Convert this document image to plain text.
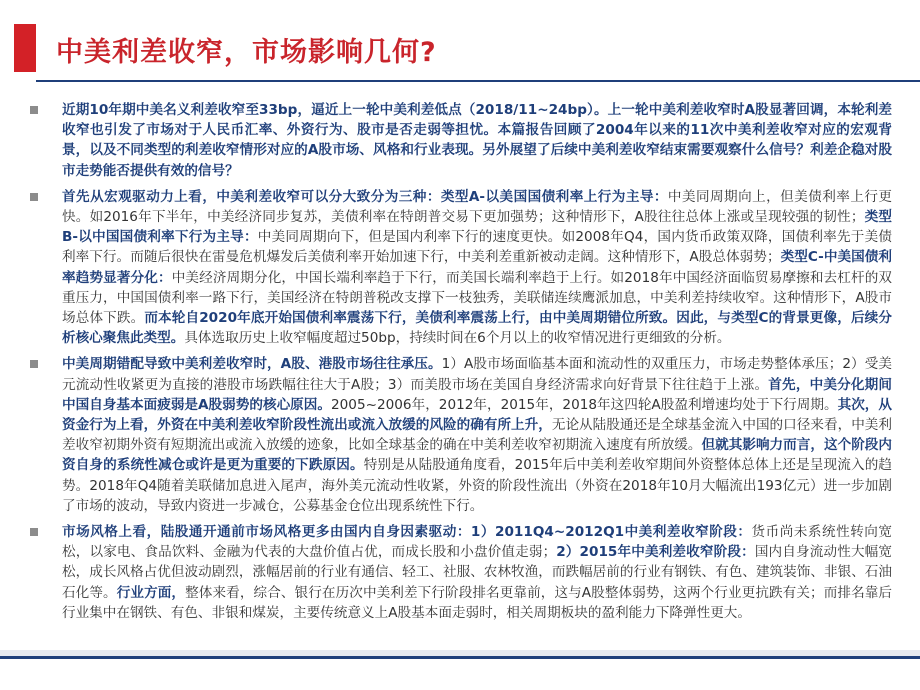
中美利差收窄，市场影响几何?
近期10年期中美名义利差收窄至33bp，逼近上一轮中美利差低点（2018/11~24bp）。上一轮中美利差收窄时A股显著回调，本轮利差收窄也引发了市场对于人民币汇率、外资行为、股市是否走弱等担忧。本篇报告回顾了2004年以来的11次中美利差收窄对应的宏观背景，以及不同类型的利差收窄情形对应的A股市场、风格和行业表现。另外展望了后续中美利差收窄结束需要观察什么信号？利差企稳对股市走势能否提供有效的信号？
首先从宏观驱动力上看，中美利差收窄可以分大致分为三种：类型A-以美国国债利率上行为主导：中美同周期向上，但美债利率上行更快。如2016年下半年，中美经济同步复苏，美债利率在特朗普交易下更加强势；这种情形下，A股往往总体上涨或呈现较强的韧性；类型B-以中国国债利率下行为主导：中美同周期向下，但是国内利率下行的速度更快。如2008年Q4，国内货币政策双降，国债利率先于美债利率下行。而随后很快在雷曼危机爆发后美债利率开始加速下行，中美利差重新被动走阔。这种情形下，A股总体弱势；类型C-中美国债利率趋势显著分化：中美经济周期分化，中国长端利率趋于下行，而美国长端利率趋于上行。如2018年中国经济面临贸易摩擦和去杠杆的双重压力，中国国债利率一路下行，美国经济在特朗普税改支撑下一枝独秀，美联储连续鹰派加息，中美利差持续收窄。这种情形下，A股市场总体下跌。而本轮自2020年底开始国债利率震荡下行，美债利率震荡上行，由中美周期错位所致。因此，与类型C的背景更像，后续分析核心聚焦此类型。具体选取历史上收窄幅度超过50bp，持续时间在6个月以上的收窄情况进行更细致的分析。
中美周期错配导致中美利差收窄时，A股、港股市场往往承压。1）A股市场面临基本面和流动性的双重压力，市场走势整体承压；2）受美元流动性收紧更为直接的港股市场跌幅往往大于A股；3）而美股市场在美国自身经济需求向好背景下往往趋于上涨。首先，中美分化期间中国自身基本面疲弱是A股弱势的核心原因。2005~2006年，2012年，2015年，2018年这四轮A股盈利增速均处于下行周期。其次，从资金行为上看，外资在中美利差收窄阶段性流出或流入放缓的风险的确有所上升，无论从陆股通还是全球基金流入中国的口径来看，中美利差收窄初期外资有短期流出或流入放缓的迹象，比如全球基金的确在中美利差收窄初期流入速度有所放缓。但就其影响力而言，这个阶段内资自身的系统性减仓或许是更为重要的下跌原因。特别是从陆股通角度看，2015年后中美利差收窄期间外资整体总体上还是呈现流入的趋势。2018年Q4随着美联储加息进入尾声，海外美元流动性收紧，外资的阶段性流出（外资在2018年10月大幅流出193亿元）进一步加剧了市场的波动，导致内资进一步减仓，公募基金仓位出现系统性下行。
市场风格上看，陆股通开通前市场风格更多由国内自身因素驱动：1）2011Q4~2012Q1中美利差收窄阶段：货币尚未系统性转向宽松，以家电、食品饮料、金融为代表的大盘价值占优，而成长股和小盘价值走弱；2）2015年中美利差收窄阶段：国内自身流动性大幅宽松，成长风格占优但波动剧烈，涨幅居前的行业有通信、轻工、社服、农林牧渔，而跌幅居前的行业有钢铁、有色、建筑装饰、非银、石油石化等。行业方面，整体来看，综合、银行在历次中美利差下行阶段排名更靠前，这与A股整体弱势，这两个行业更抗跌有关；而排名靠后行业集中在钢铁、有色、非银和煤炭，主要传统意义上A股基本面走弱时，相关周期板块的盈利能力下降弹性更大。
